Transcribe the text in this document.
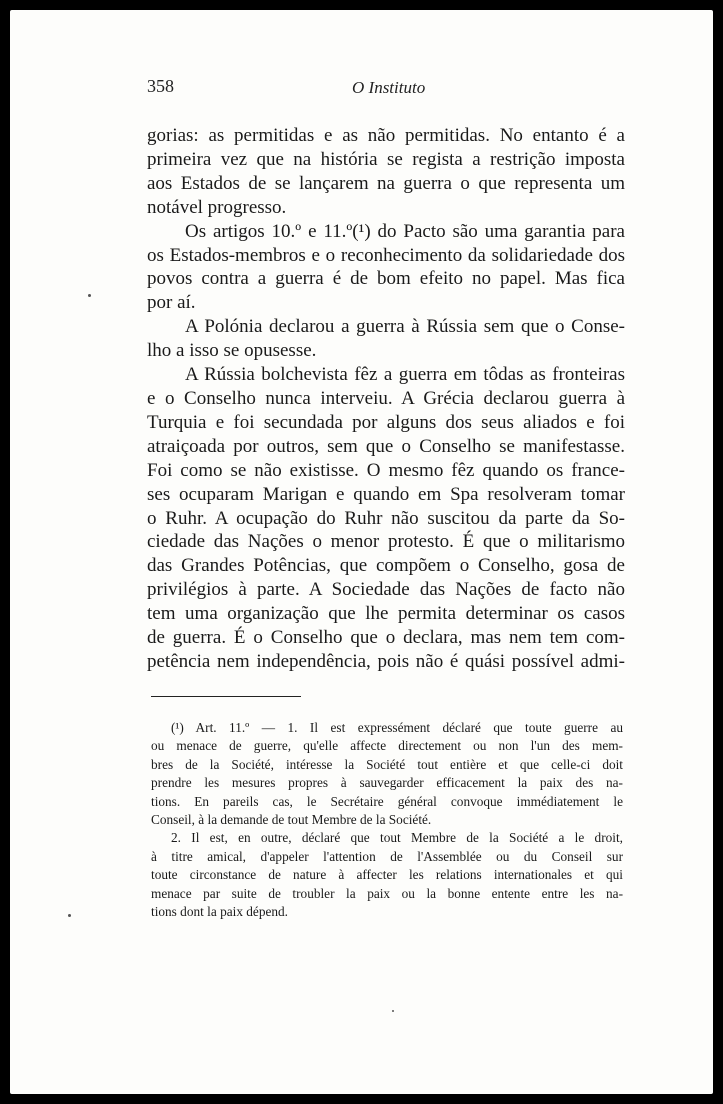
358	O Instituto
gorias: as permitidas e as não permitidas. No entanto é a
primeira vez que na história se regista a restrição imposta
aos Estados de se lançarem na guerra o que representa um
notável progresso.
Os artigos 10.º e 11.º(¹) do Pacto são uma garantia para
os Estados-membros e o reconhecimento da solidariedade dos
povos contra a guerra é de bom efeito no papel. Mas fica
por aí.
A Polónia declarou a guerra à Rússia sem que o Conse-
lho a isso se opusesse.
A Rússia bolchevista fêz a guerra em tôdas as fronteiras
e o Conselho nunca interveiu. A Grécia declarou guerra à
Turquia e foi secundada por alguns dos seus aliados e foi
atraiçoada por outros, sem que o Conselho se manifestasse.
Foi como se não existisse. O mesmo fêz quando os france-
ses ocuparam Marigan e quando em Spa resolveram tomar
o Ruhr. A ocupação do Ruhr não suscitou da parte da So-
ciedade das Nações o menor protesto. É que o militarismo
das Grandes Potências, que compõem o Conselho, gosa de
privilégios à parte. A Sociedade das Nações de facto não
tem uma organização que lhe permita determinar os casos
de guerra. É o Conselho que o declara, mas nem tem com-
petência nem independência, pois não é quási possível admi-
(¹) Art. 11.º — 1. Il est expressément déclaré que toute guerre au
ou menace de guerre, qu'elle affecte directement ou non l'un des mem-
bres de la Société, intéresse la Société tout entière et que celle-ci doit
prendre les mesures propres à sauvegarder efficacement la paix des na-
tions. En pareils cas, le Secrétaire général convoque immédiatement le
Conseil, à la demande de tout Membre de la Société.
2. Il est, en outre, déclaré que tout Membre de la Société a le droit,
à titre amical, d'appeler l'attention de l'Assemblée ou du Conseil sur
toute circonstance de nature à affecter les relations internationales et qui
menace par suite de troubler la paix ou la bonne entente entre les na-
tions dont la paix dépend.
